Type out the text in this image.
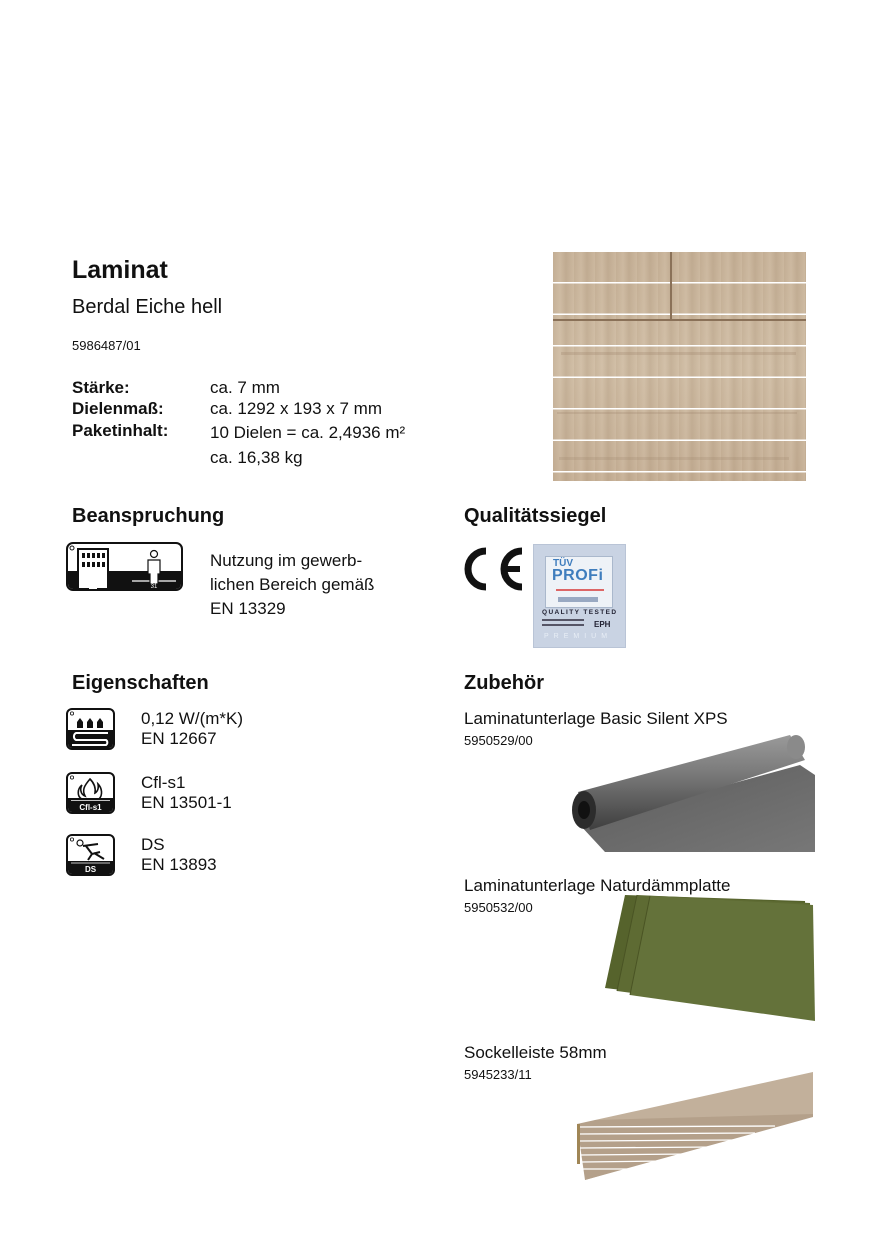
Laminat
Berdal Eiche hell
5986487/01
Stärke:	ca. 7 mm
Dielenmaß:	ca. 1292 x 193 x 7 mm
Paketinhalt: 10 Dielen = ca. 2,4936 m²
ca. 16,38 kg
Beanspruchung
31
Nutzung im gewerb-
lichen Bereich gemäß
EN 13329
Qualitätssiegel
TÜV
PROFi
QUALITY TESTED
EPH
PREMIUM
Eigenschaften
0,12 W/(m*K)
EN 12667
Cfl-s1
Cfl-s1
EN 13501-1
DS
DS
EN 13893
Zubehör
Laminatunterlage Basic Silent XPS
5950529/00
Laminatunterlage Naturdämmplatte
5950532/00
Sockelleiste 58mm
5945233/11
